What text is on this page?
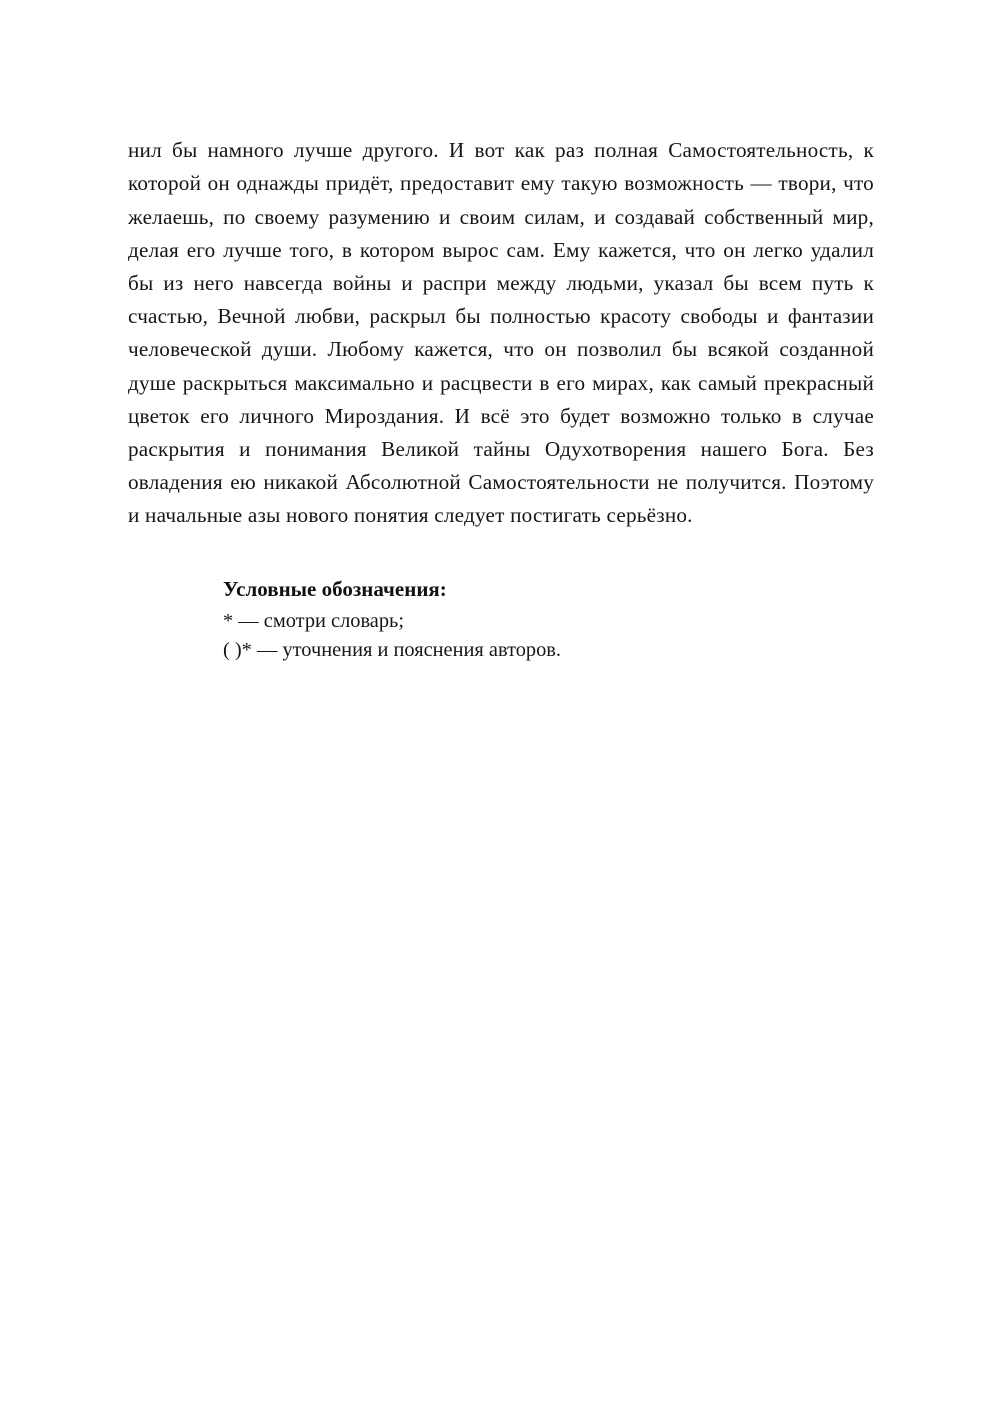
нил бы намного лучше другого. И вот как раз полная Самостоятельность, к которой он однажды придёт, предоставит ему такую возможность — твори, что желаешь, по своему разумению и своим силам, и создавай собственный мир, делая его лучше того, в котором вырос сам. Ему кажется, что он легко удалил бы из него навсегда войны и распри между людьми, указал бы всем путь к счастью, Вечной любви, раскрыл бы полностью красоту свободы и фантазии человеческой души. Любому кажется, что он позволил бы всякой созданной душе раскрыться максимально и расцвести в его мирах, как самый прекрасный цветок его личного Мироздания. И всё это будет возможно только в случае раскрытия и понимания Великой тайны Одухотворения нашего Бога. Без овладения ею никакой Абсолютной Самостоятельности не получится. Поэтому и начальные азы нового понятия следует постигать серьёзно.

Условные обозначения:
* — смотри словарь;
( )* — уточнения и пояснения авторов.
